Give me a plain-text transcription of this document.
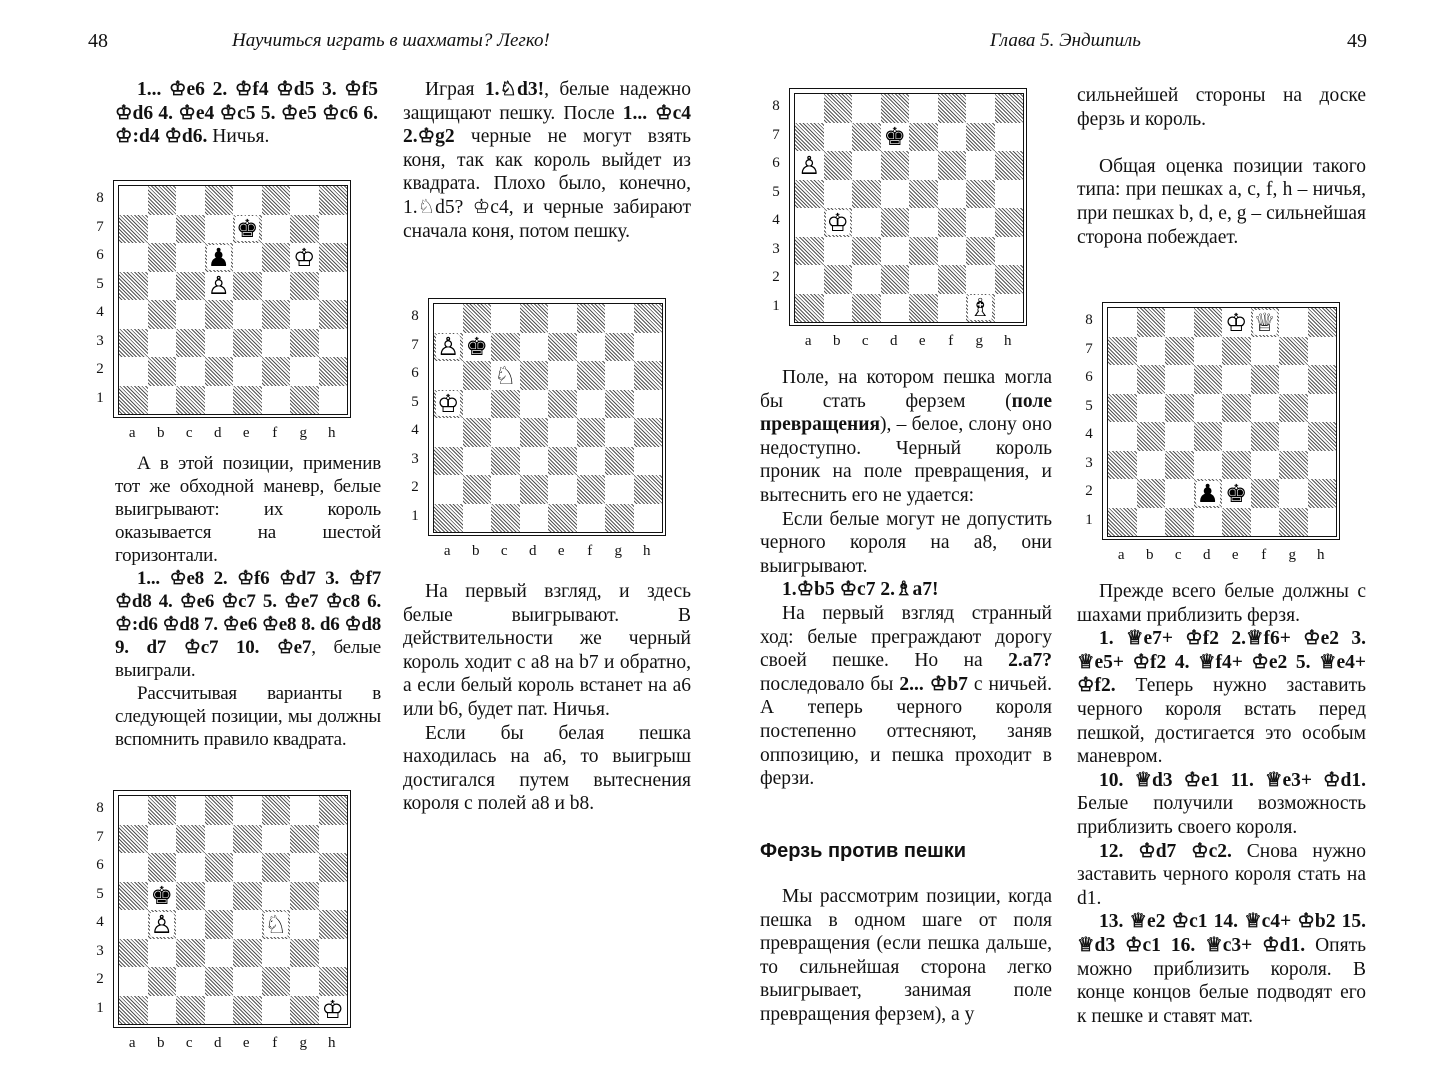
48	Научиться играть в шахматы? Легко!	Глава 5. Эндшпиль	49

1... ♔e6 2. ♔f4 ♔d5 3. ♔f5 ♔d6 4. ♔e4 ♔c5 5. ♔e5 ♔c6 6. ♔:d4 ♔d6. Ничья.

А в этой позиции, применив тот же обходной маневр, белые выигрывают: их король оказывается на шестой горизонтали.

1... ♔e8 2. ♔f6 ♔d7 3. ♔f7 ♔d8 4. ♔e6 ♔c7 5. ♔e7 ♔c8 6. ♔:d6 ♔d8 7. ♔e6 ♔e8 8. d6 ♔d8 9. d7 ♔c7 10. ♔e7, белые выиграли.

Рассчитывая варианты в следующей позиции, мы должны вспомнить правило квадрата.

Играя 1.♘d3!, белые надежно защищают пешку. После 1... ♔c4 2.♔g2 черные не могут взять коня, так как король выйдет из квадрата. Плохо было, конечно, 1.♘d5? ♔c4, и черные забирают сначала коня, потом пешку.

На первый взгляд, и здесь белые выигрывают. В действительности же черный король ходит с a8 на b7 и обратно, а если белый король встанет на a6 или b6, будет пат. Ничья.

Если бы белая пешка находилась на a6, то выигрыш достигался путем вытеснения короля с полей a8 и b8.

Поле, на котором пешка могла бы стать ферзем (поле превращения), – белое, слону оно недоступно. Черный король проник на поле превращения, и вытеснить его не удается:

Если белые могут не допустить черного короля на a8, они выигрывают.

1.♔b5 ♔c7 2.♗a7!

На первый взгляд странный ход: белые преграждают дорогу своей пешке. Но на 2.a7? последовало бы 2... ♔b7 с ничьей. А теперь черного короля постепенно оттесняют, заняв оппозицию, и пешка проходит в ферзи.

Ферзь против пешки

Мы рассмотрим позиции, когда пешка в одном шаге от поля превращения (если пешка дальше, то сильнейшая сторона легко выигрывает, занимая поле превращения ферзем), а у

сильнейшей стороны на доске ферзь и король.

Общая оценка позиции такого типа: при пешках a, c, f, h – ничья, при пешках b, d, e, g – сильнейшая сторона побеждает.

Прежде всего белые должны с шахами приблизить ферзя.

1. ♕e7+ ♔f2 2.♕f6+ ♔e2 3. ♕e5+ ♔f2 4. ♕f4+ ♔e2 5. ♕e4+ ♔f2. Теперь нужно заставить черного короля встать перед пешкой, достигается это особым маневром.

10. ♕d3 ♔e1 11. ♕e3+ ♔d1. Белые получили возможность приблизить своего короля.

12. ♔d7 ♔c2. Снова нужно заставить черного короля стать на d1.

13. ♕e2 ♔c1 14. ♕c4+ ♔b2 15. ♕d3 ♔c1 16. ♕c3+ ♔d1. Опять можно приблизить короля. В конце концов белые подводят его к пешке и ставят мат.

♚
♟	♔
♙
8
7
6
5
4
3
2
1
a	b	c	d	e	f	g	h
♙ ♚
♘
♔
8
7
6
5
4
3
2
1
a	b	c	d	e	f	g	h
♚
♙	♘
♔
8
7
6
5
4
3
2
1
a	b	c	d	e	f	g	h
♚
♙
♔
♗
8
7
6
5
4
3
2
1
a	b	c	d	e	f	g	h
♔ ♕
♟ ♚
8
7
6
5
4
3
2
1
a	b	c	d	e	f	g	h
